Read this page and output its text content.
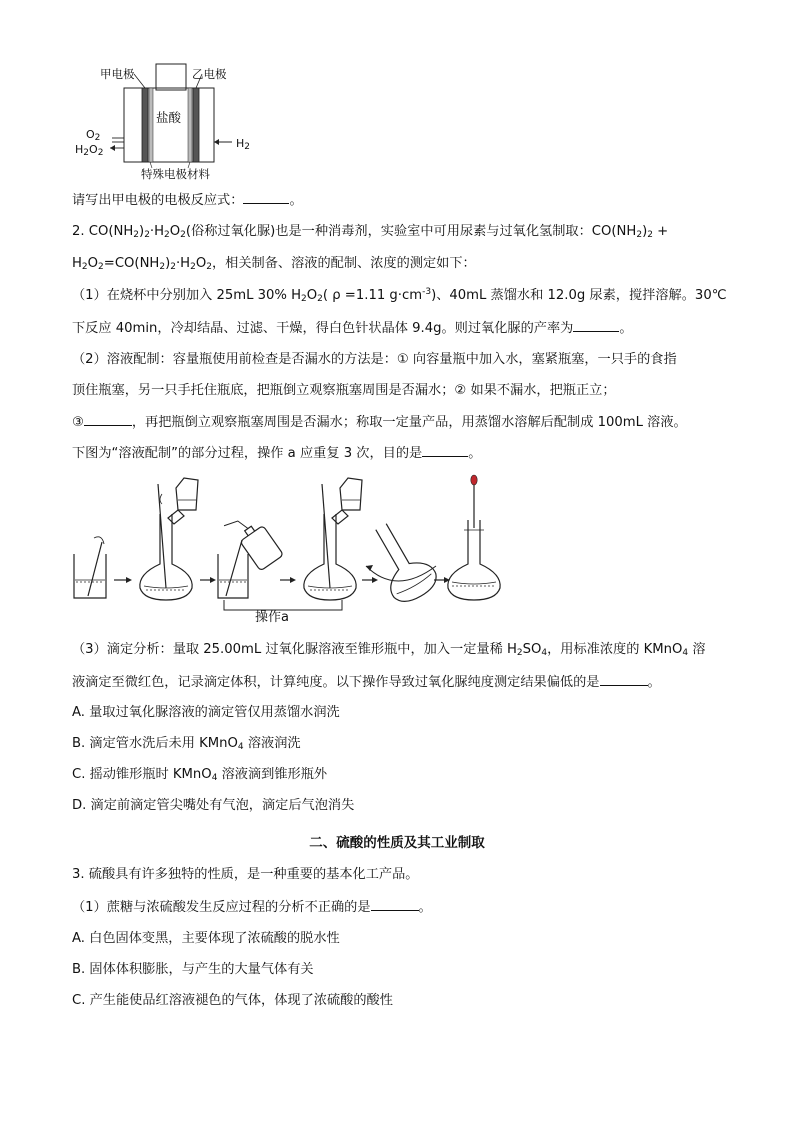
甲电极	乙电极
盐酸
$O_2$
$H_2O_2$
$H_2$
特殊电极材料
请写出甲电极的电极反应式：	。
2. $CO(NH_2)_2\cdot H_2O_2$(俗称过氧化脲)也是一种消毒剂，实验室中可用尿素与过氧化氢制取：$CO(NH_2)_2$ +
$H_2O_2=CO(NH_2)_2\cdot H_2O_2$，相关制备、溶液的配制、浓度的测定如下：
（1）在烧杯中分别加入 25mL 30% $H_2O_2$( ρ =1.11 $g\cdot cm^{-3}$)、40mL 蒸馏水和 12.0g 尿素，搅拌溶解。30℃
下反应 40min，冷却结晶、过滤、干燥，得白色针状晶体 9.4g。则过氧化脲的产率为	。
（2）溶液配制：容量瓶使用前检查是否漏水的方法是：① 向容量瓶中加入水，塞紧瓶塞，一只手的食指
顶住瓶塞，另一只手托住瓶底，把瓶倒立观察瓶塞周围是否漏水；② 如果不漏水，把瓶正立；
③	，再把瓶倒立观察瓶塞周围是否漏水；称取一定量产品，用蒸馏水溶解后配制成 100mL 溶液。
下图为“溶液配制”的部分过程，操作 a 应重复 3 次，目的是	。
操作a
（3）滴定分析：量取 25.00mL 过氧化脲溶液至锥形瓶中，加入一定量稀 $H_2SO_4$，用标准浓度的 KMnO$_4$ 溶
液滴定至微红色，记录滴定体积，计算纯度。以下操作导致过氧化脲纯度测定结果偏低的是	。
A. 量取过氧化脲溶液的滴定管仅用蒸馏水润洗
B. 滴定管水洗后未用 KMnO$_4$ 溶液润洗
C. 摇动锥形瓶时 KMnO$_4$ 溶液滴到锥形瓶外
D. 滴定前滴定管尖嘴处有气泡，滴定后气泡消失
二、硫酸的性质及其工业制取
3. 硫酸具有许多独特的性质，是一种重要的基本化工产品。
（1）蔗糖与浓硫酸发生反应过程的分析不正确的是	。
A. 白色固体变黑，主要体现了浓硫酸的脱水性
B. 固体体积膨胀，与产生的大量气体有关
C. 产生能使品红溶液褪色的气体，体现了浓硫酸的酸性
